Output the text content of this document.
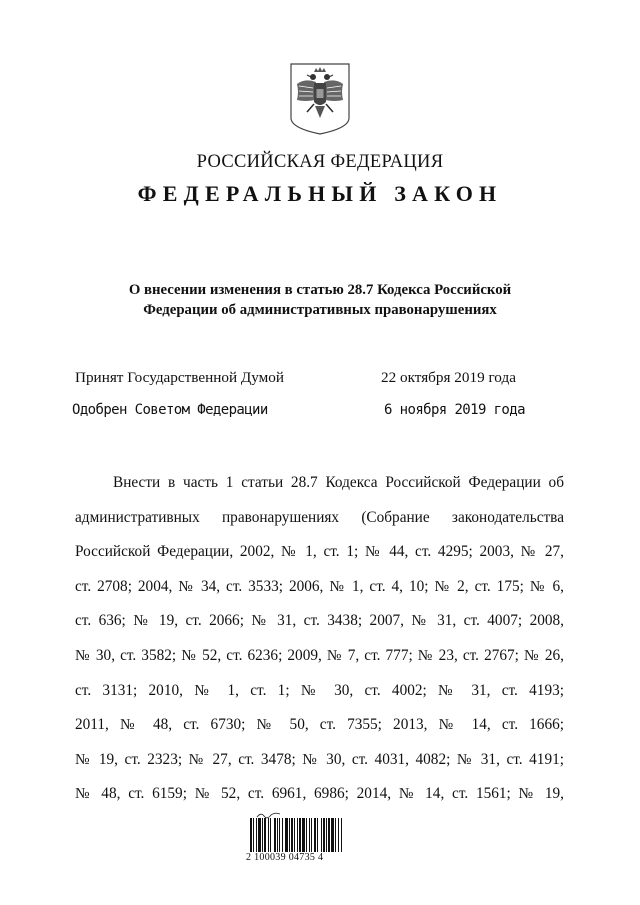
РОССИЙСКАЯ ФЕДЕРАЦИЯ
ФЕДЕРАЛЬНЫЙ ЗАКОН
О внесении изменения в статью 28.7 Кодекса Российской
Федерации об административных правонарушениях
Принят Государственной Думой	22 октября 2019 года
Одобрен Советом Федерации	6 ноября 2019 года
Внести в часть 1 статьи 28.7 Кодекса Российской Федерации об
административных правонарушениях (Собрание законодательства
Российской Федерации, 2002, № 1, ст. 1; № 44, ст. 4295; 2003, № 27,
ст. 2708; 2004, № 34, ст. 3533; 2006, № 1, ст. 4, 10; № 2, ст. 175; № 6,
ст. 636; № 19, ст. 2066; № 31, ст. 3438; 2007, № 31, ст. 4007; 2008,
№ 30, ст. 3582; № 52, ст. 6236; 2009, № 7, ст. 777; № 23, ст. 2767; № 26,
ст. 3131; 2010, № 1, ст. 1; № 30, ст. 4002; № 31, ст. 4193;
2011, № 48, ст. 6730; № 50, ст. 7355; 2013, № 14, ст. 1666;
№ 19, ст. 2323; № 27, ст. 3478; № 30, ст. 4031, 4082; № 31, ст. 4191;
№ 48, ст. 6159; № 52, ст. 6961, 6986; 2014, № 14, ст. 1561; № 19,
2 100039 04735 4
